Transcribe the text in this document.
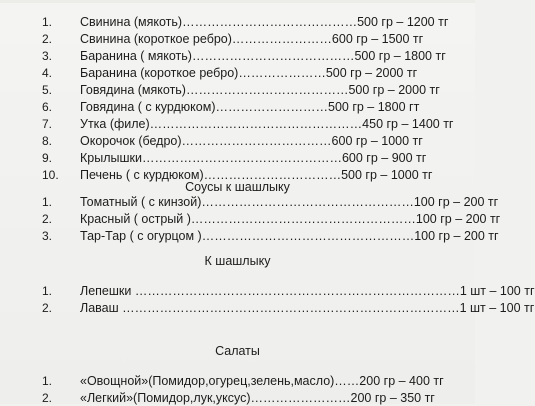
1.	Свинина (мякоть)……………………………………500 гр – 1200 тг
2.	Свинина (короткое ребро)……………………600 гр – 1500 тг
3.	Баранина ( мякоть)…………………………………500 гр – 1800 тг
4.	Баранина (короткое ребро)…………………500 гр – 2000 тг
5.	Говядина (мякоть)…………………………………500 гр – 2000 тг
6.	Говядина ( с курдюком)………………………500 гр – 1800 гт
7.	Утка (филе)……………………………………………450 гр – 1400 тг
8.	Окорочок (бедро)………………………………600 гр – 1000 тг
9.	Крылышки…………………………………………600 гр – 900 тг
10. Печень ( с курдюком)……………………………500 гр – 1000 тг
Соусы к шашлыку
1.	Томатный ( с кинзой)……………………………………………100 гр – 200 тг
2.	Красный ( острый )………………………………………………100 гр – 200 тг
3.	Тар-Тар ( с огурцом )……………………………………………100 гр – 200 тг
К шашлыку
1.	Лепешки ……………………………………………………………………1 шт – 100 тг
2.	Лаваш ………………………………………………………………………1 шт – 100 тг
Салаты
1.	«Овощной»(Помидор,огурец,зелень,масло)……200 гр – 400 тг
2.	«Легкий»(Помидор,лук,уксус)……………………200 гр – 350 тг
